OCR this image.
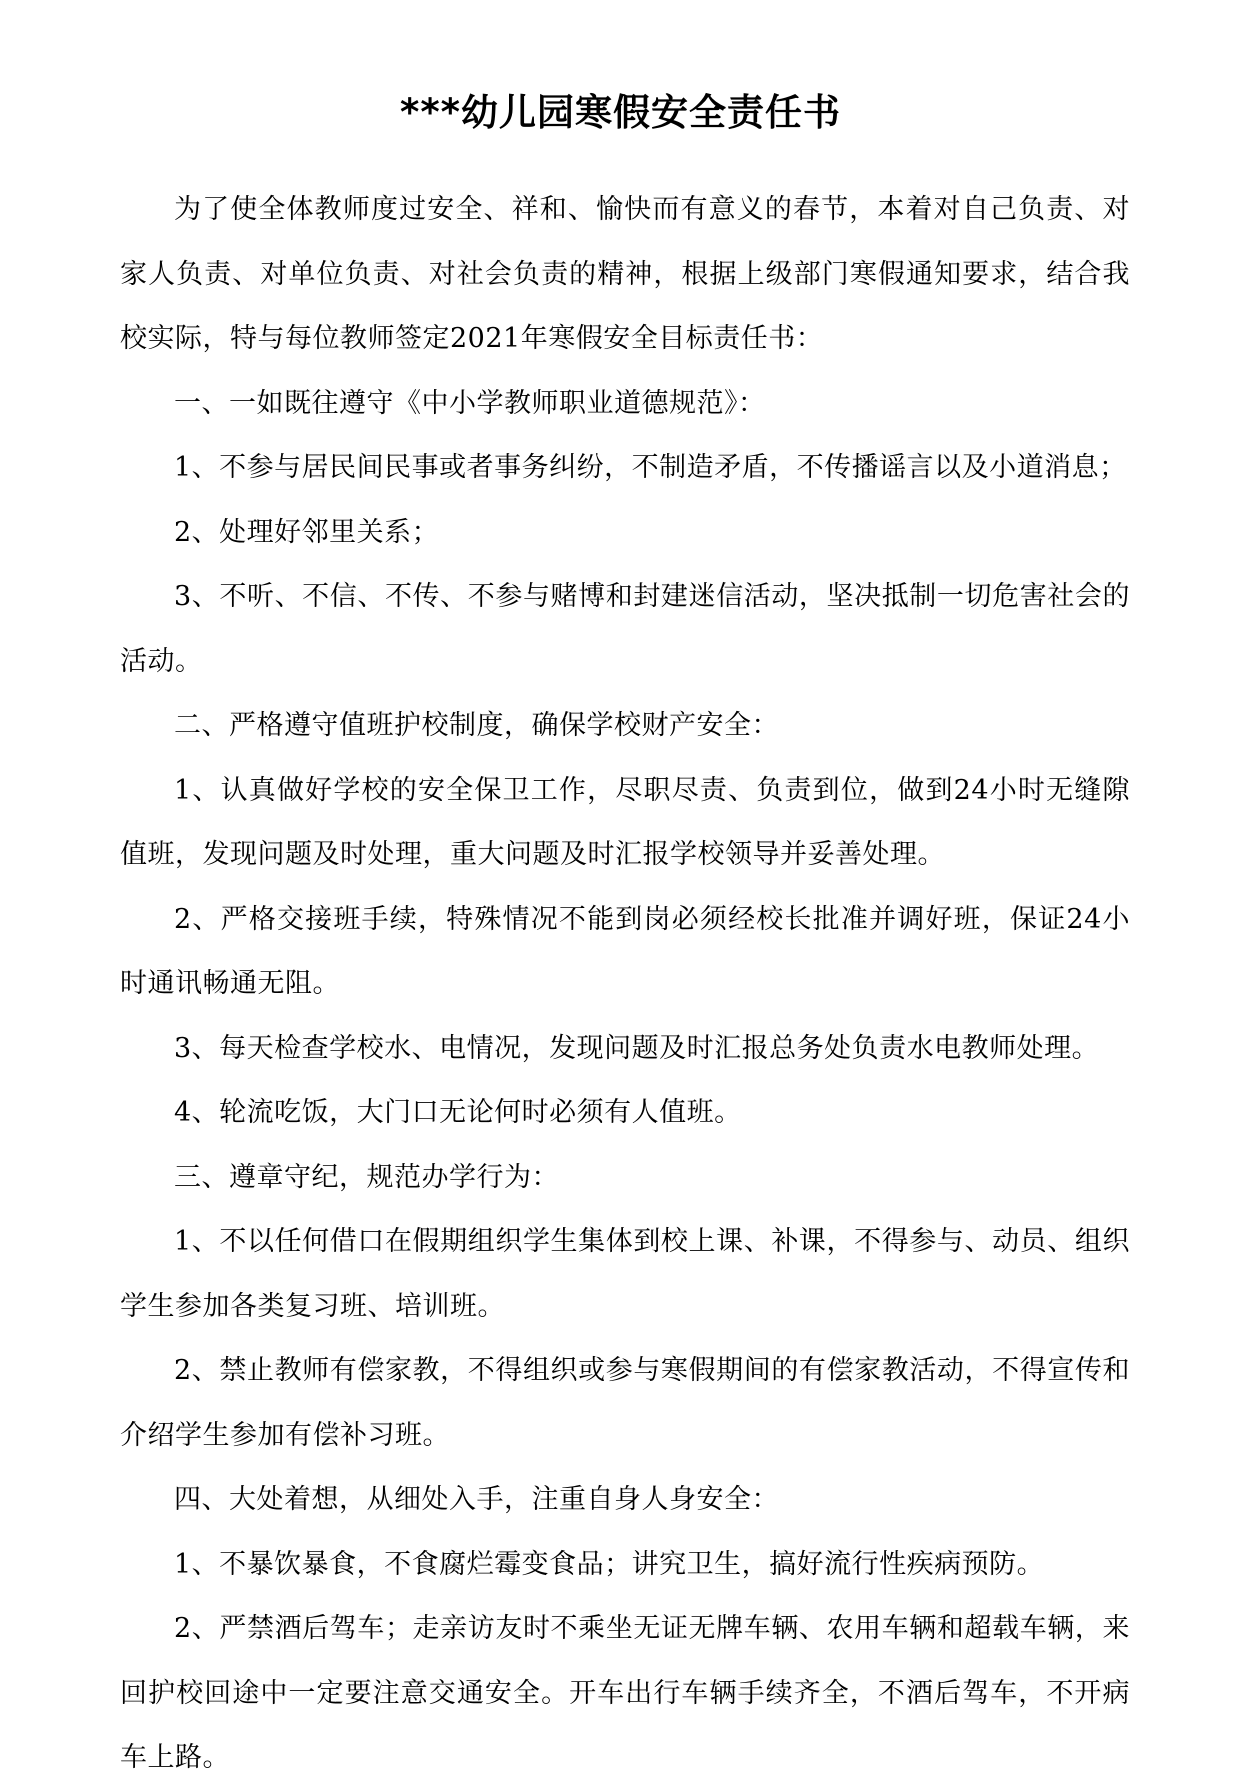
***幼儿园寒假安全责任书

为了使全体教师度过安全、祥和、愉快而有意义的春节，本着对自己负责、对家人负责、对单位负责、对社会负责的精神，根据上级部门寒假通知要求，结合我校实际，特与每位教师签定2021年寒假安全目标责任书：

一、一如既往遵守《中小学教师职业道德规范》：

1、不参与居民间民事或者事务纠纷，不制造矛盾，不传播谣言以及小道消息；

2、处理好邻里关系；

3、不听、不信、不传、不参与赌博和封建迷信活动，坚决抵制一切危害社会的活动。

二、严格遵守值班护校制度，确保学校财产安全：

1、认真做好学校的安全保卫工作，尽职尽责、负责到位，做到24小时无缝隙值班，发现问题及时处理，重大问题及时汇报学校领导并妥善处理。

2、严格交接班手续，特殊情况不能到岗必须经校长批准并调好班，保证24小时通讯畅通无阻。

3、每天检查学校水、电情况，发现问题及时汇报总务处负责水电教师处理。

4、轮流吃饭，大门口无论何时必须有人值班。

三、遵章守纪，规范办学行为：

1、不以任何借口在假期组织学生集体到校上课、补课，不得参与、动员、组织学生参加各类复习班、培训班。

2、禁止教师有偿家教，不得组织或参与寒假期间的有偿家教活动，不得宣传和介绍学生参加有偿补习班。

四、大处着想，从细处入手，注重自身人身安全：

1、不暴饮暴食，不食腐烂霉变食品；讲究卫生，搞好流行性疾病预防。

2、严禁酒后驾车；走亲访友时不乘坐无证无牌车辆、农用车辆和超载车辆，来回护校回途中一定要注意交通安全。开车出行车辆手续齐全，不酒后驾车，不开病车上路。
